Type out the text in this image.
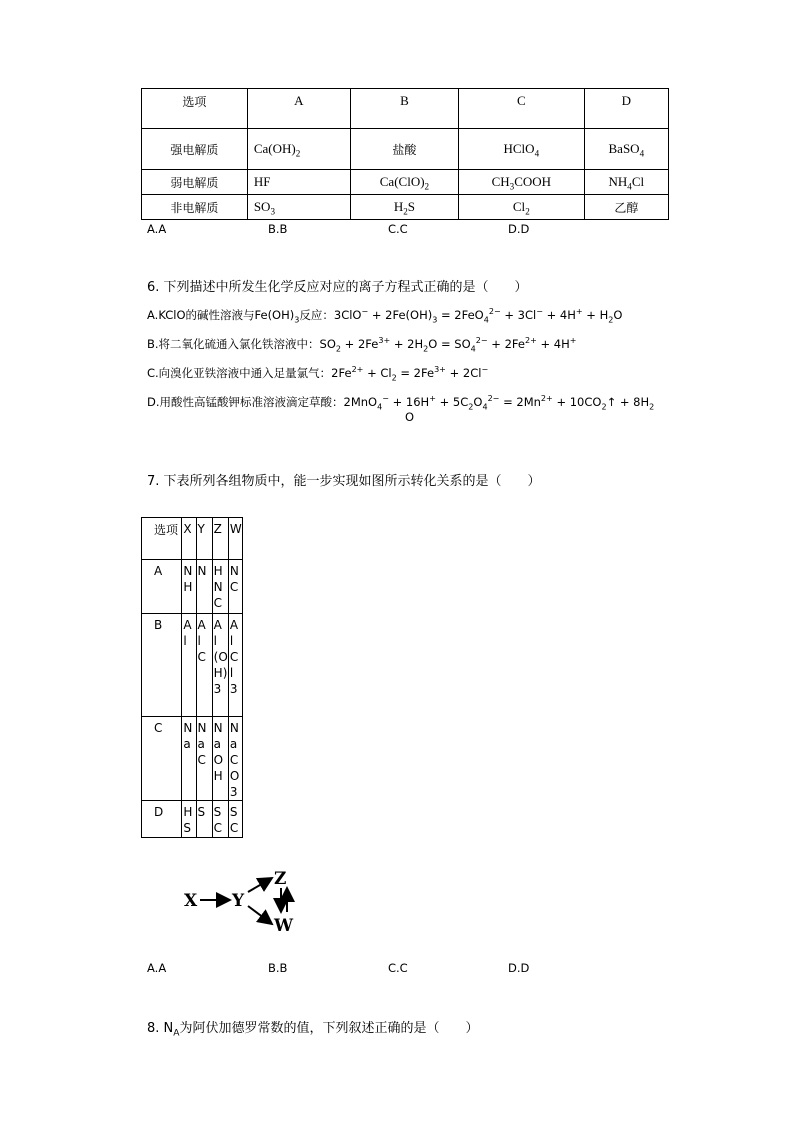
选项	A	B	C	D
强电解质	$Ca(OH)_2$	盐酸	HClO$_4$	BaSO$_4$
弱电解质	HF	$Ca(ClO)_2$	$CH_3COOH$	$NH_4Cl$
非电解质	$SO_3$	$H_2S$	$Cl_2$	乙醇
A.A	B.B	C.C	D.D
6. 下列描述中所发生化学反应对应的离子方程式正确的是（　　）
A.KClO的碱性溶液与$Fe(OH)_3$反应：$3ClO^- + 2Fe(OH)_3 = 2FeO_4^{2-} + 3Cl^- + 4H^+ + H_2O$
B.将二氧化硫通入氯化铁溶液中：$SO_2 + 2Fe^{3+} + 2H_2O = SO_4^{2-} + 2Fe^{2+} + 4H^+$
C.向溴化亚铁溶液中通入足量氯气：$2Fe^{2+} + Cl_2 = 2Fe^{3+} + 2Cl^-$
D.用酸性高锰酸钾标准溶液滴定草酸：$2MnO_4^- + 16H^+ + 5C_2O_4^{2-} = 2Mn^{2+}$ + $10CO_2↑ + 8H_2$
O
7. 下表所列各组物质中，能一步实现如图所示转化关系的是（　　）
选项	X	Y	Z	W

A	NH	N	HNC	NC

B	Al	AlC	Al(OH)3	AlCl3

C	Na	NaC	NaOH	NaCO3

D	HS	S	SC	SC
X Y
Z
W
A.A	B.B	C.C	D.D
8. $N_A$为阿伏加德罗常数的值，下列叙述正确的是（　　）
